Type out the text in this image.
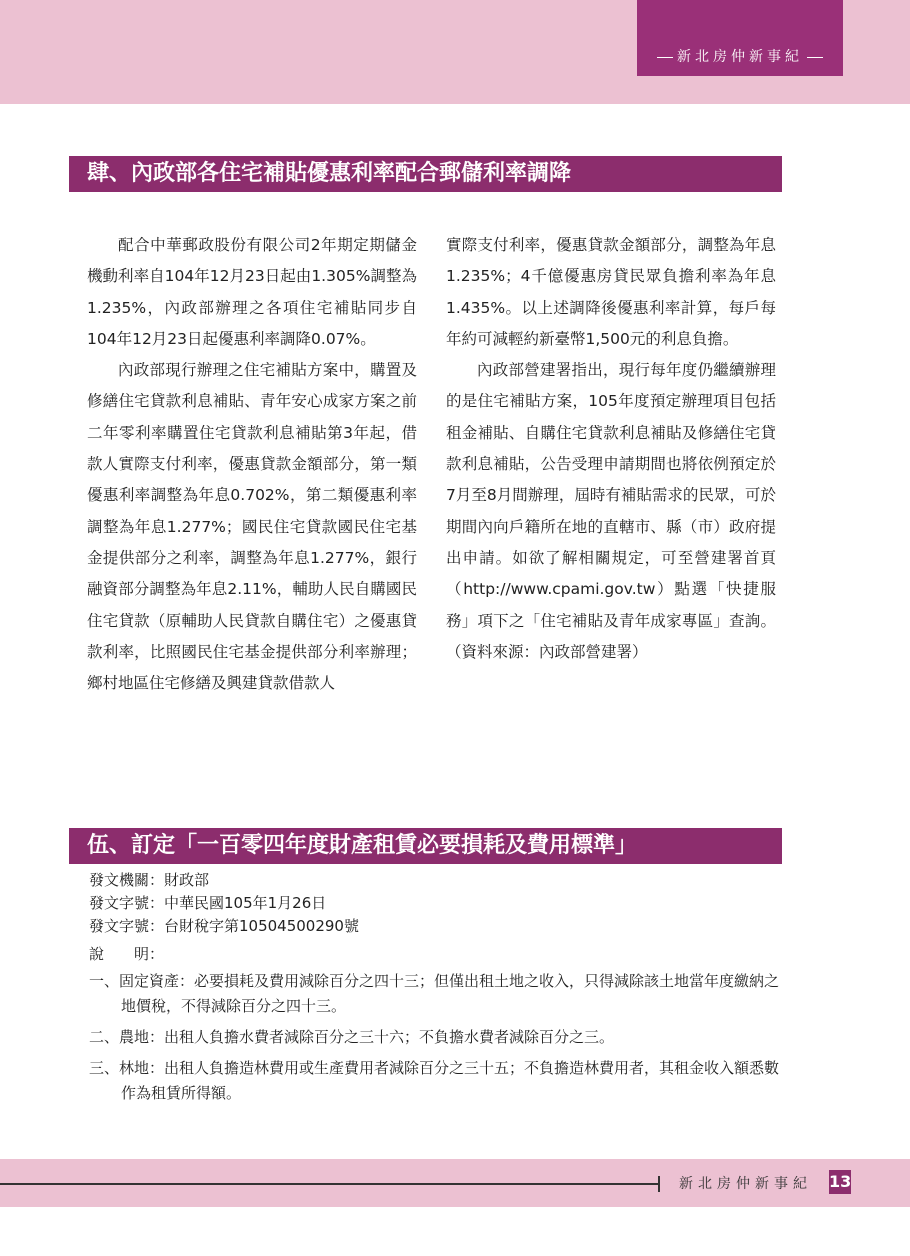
新北房仲新事紀
肆、內政部各住宅補貼優惠利率配合郵儲利率調降

配合中華郵政股份有限公司2年期定期儲金機動利率自104年12月23日起由1.305%調整為1.235%，內政部辦理之各項住宅補貼同步自104年12月23日起優惠利率調降0.07%。

內政部現行辦理之住宅補貼方案中，購置及修繕住宅貸款利息補貼、青年安心成家方案之前二年零利率購置住宅貸款利息補貼第3年起，借款人實際支付利率，優惠貸款金額部分，第一類優惠利率調整為年息0.702%，第二類優惠利率調整為年息1.277%；國民住宅貸款國民住宅基金提供部分之利率，調整為年息1.277%，銀行融資部分調整為年息2.11%，輔助人民自購國民住宅貸款（原輔助人民貸款自購住宅）之優惠貸款利率，比照國民住宅基金提供部分利率辦理；鄉村地區住宅修繕及興建貸款借款人

實際支付利率，優惠貸款金額部分，調整為年息1.235%；4千億優惠房貸民眾負擔利率為年息1.435%。以上述調降後優惠利率計算，每戶每年約可減輕約新臺幣1,500元的利息負擔。

內政部營建署指出，現行每年度仍繼續辦理的是住宅補貼方案，105年度預定辦理項目包括租金補貼、自購住宅貸款利息補貼及修繕住宅貸款利息補貼，公告受理申請期間也將依例預定於7月至8月間辦理，屆時有補貼需求的民眾，可於期間內向戶籍所在地的直轄市、縣（市）政府提出申請。如欲了解相關規定，可至營建署首頁（http://www.cpami.gov.tw）點選「快捷服務」項下之「住宅補貼及青年成家專區」查詢。（資料來源：內政部營建署）

伍、訂定「一百零四年度財產租賃必要損耗及費用標準」
發文機關：財政部
發文字號：中華民國105年1月26日
發文字號：台財稅字第10504500290號
說　　明：
一、固定資產：必要損耗及費用減除百分之四十三；但僅出租土地之收入，只得減除該土地當年度繳納之地價稅，不得減除百分之四十三。
二、農地：出租人負擔水費者減除百分之三十六；不負擔水費者減除百分之三。
三、林地：出租人負擔造林費用或生產費用者減除百分之三十五；不負擔造林費用者，其租金收入額悉數作為租賃所得額。
新北房仲新事紀 13
